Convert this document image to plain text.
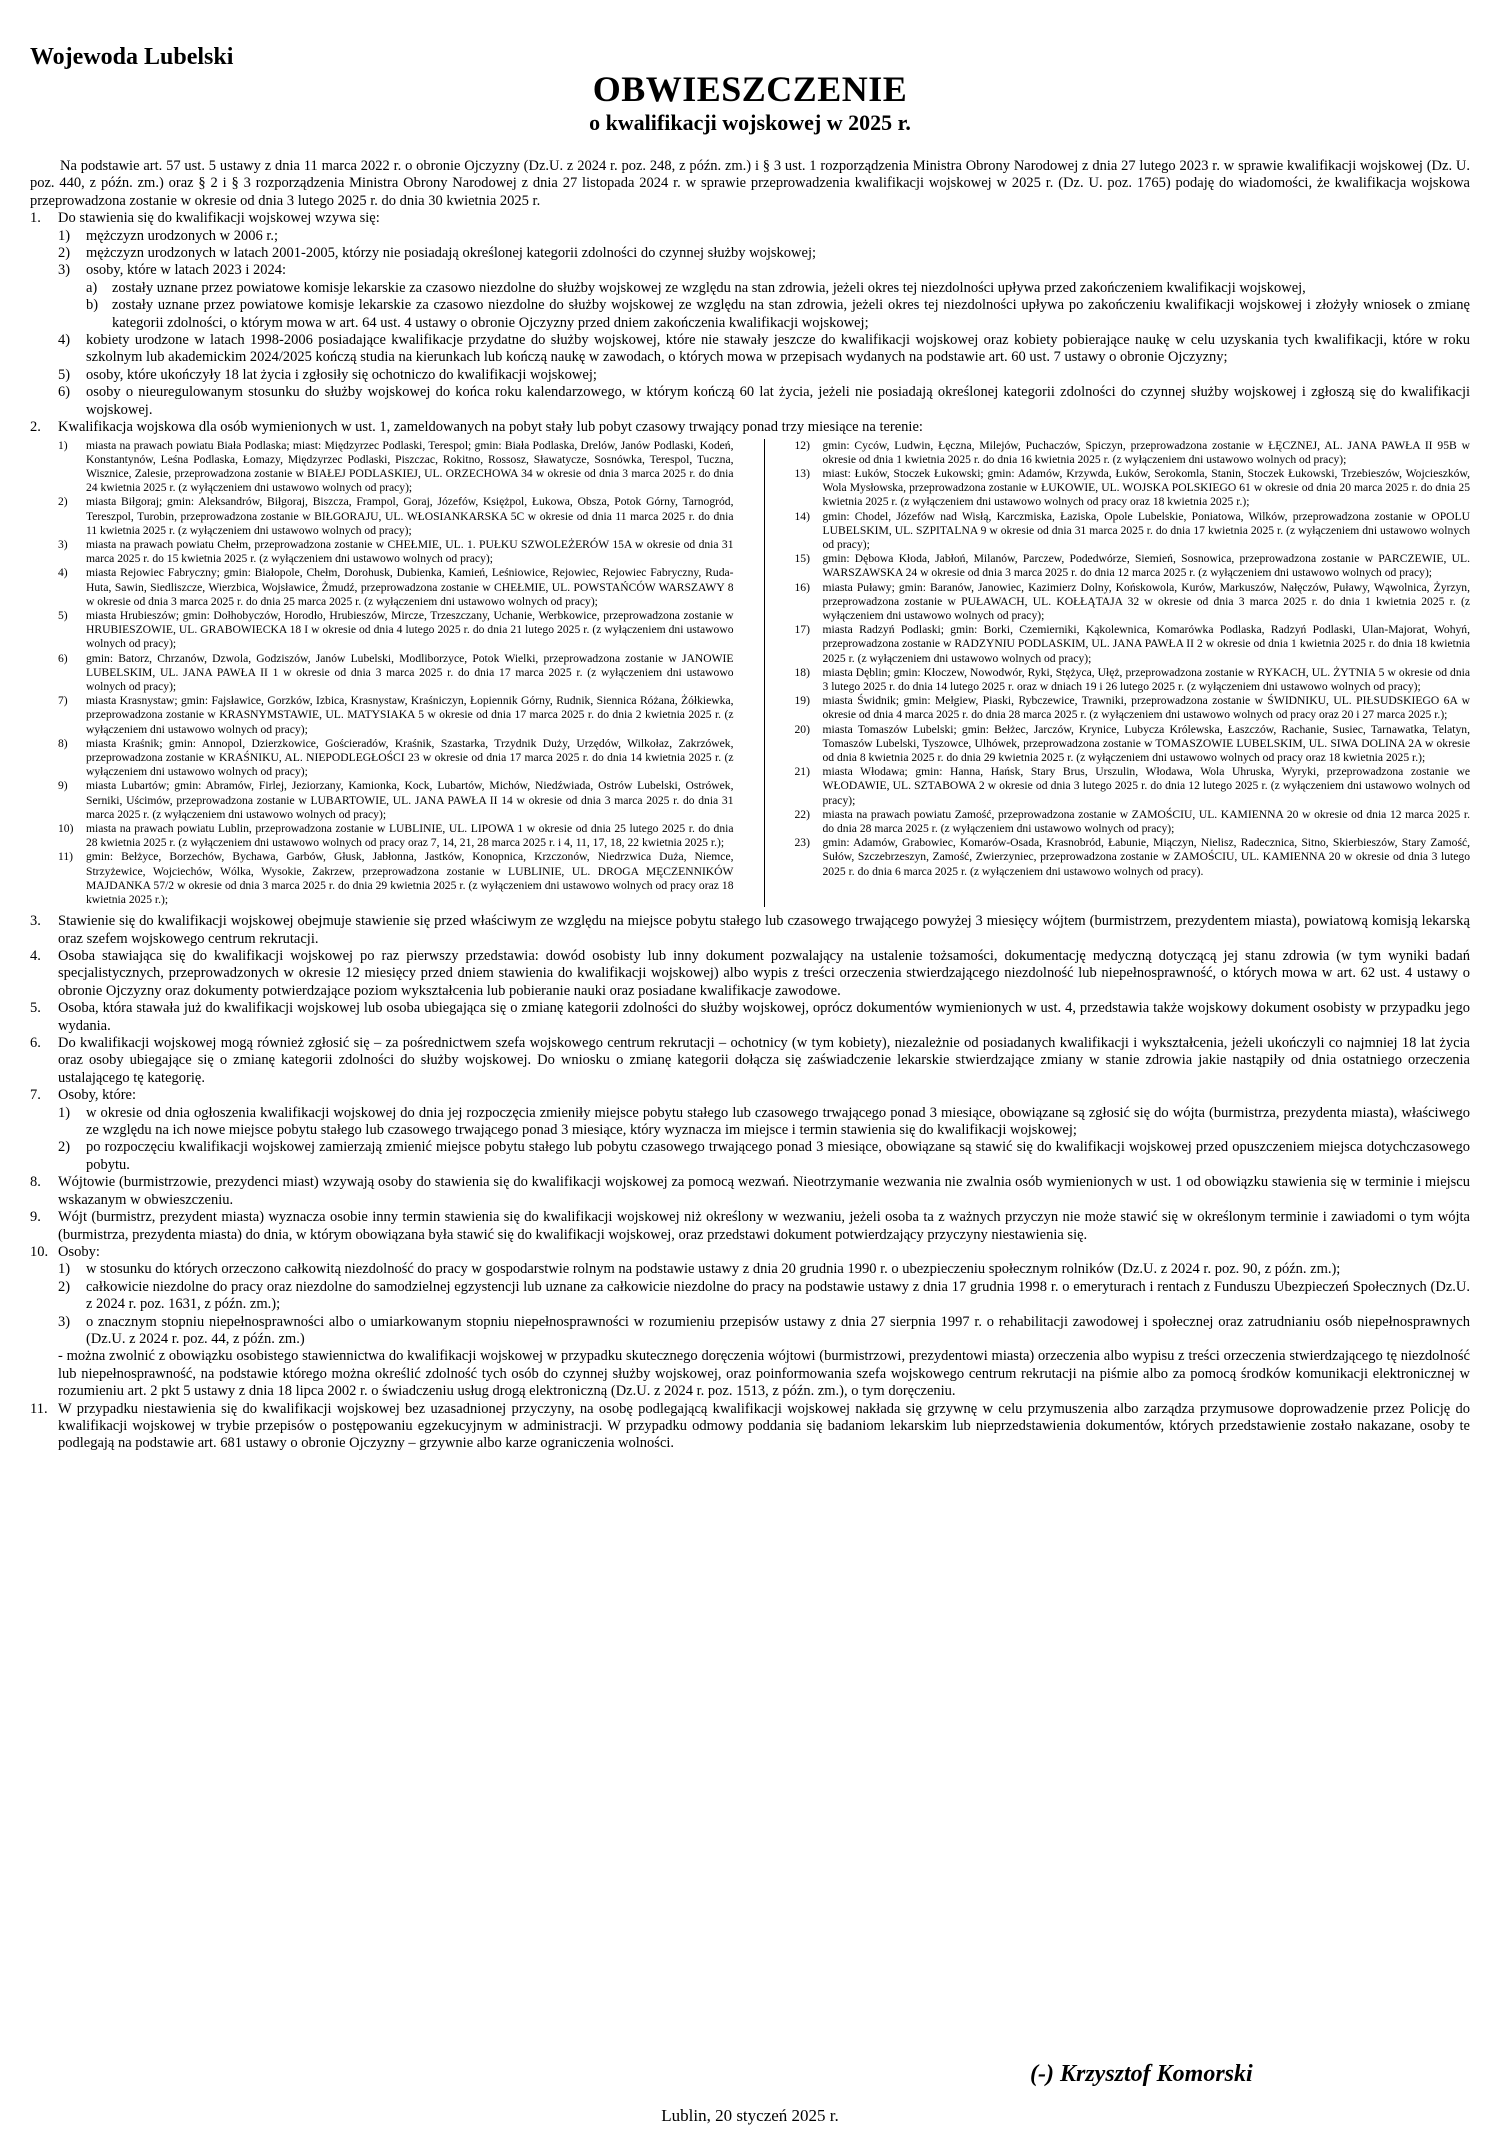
Wojewoda Lubelski
OBWIESZCZENIE
o kwalifikacji wojskowej w 2025 r.

Na podstawie art. 57 ust. 5 ustawy z dnia 11 marca 2022 r. o obronie Ojczyzny (Dz.U. z 2024 r. poz. 248, z późn. zm.) i § 3 ust. 1 rozporządzenia Ministra Obrony Narodowej z dnia 27 lutego 2023 r. w sprawie kwalifikacji wojskowej (Dz. U. poz. 440, z późn. zm.) oraz § 2 i § 3 rozporządzenia Ministra Obrony Narodowej z dnia 27 listopada 2024 r. w sprawie przeprowadzenia kwalifikacji wojskowej w 2025 r. (Dz. U. poz. 1765) podaję do wiadomości, że kwalifikacja wojskowa przeprowadzona zostanie w okresie od dnia 3 lutego 2025 r. do dnia 30 kwietnia 2025 r.

1.	Do stawienia się do kwalifikacji wojskowej wzywa się:
1)	mężczyzn urodzonych w 2006 r.;
2)	mężczyzn urodzonych w latach 2001-2005, którzy nie posiadają określonej kategorii zdolności do czynnej służby wojskowej;
3)	osoby, które w latach 2023 i 2024:
a)	zostały uznane przez powiatowe komisje lekarskie za czasowo niezdolne do służby wojskowej ze względu na stan zdrowia, jeżeli okres tej niezdolności upływa przed zakończeniem kwalifikacji wojskowej,
b) zostały uznane przez powiatowe komisje lekarskie za czasowo niezdolne do służby wojskowej ze względu na stan zdrowia, jeżeli okres tej niezdolności upływa po zakończeniu kwalifikacji wojskowej i złożyły wniosek o zmianę kategorii zdolności, o którym mowa w art. 64 ust. 4 ustawy o obronie Ojczyzny przed dniem zakończenia kwalifikacji wojskowej;
4)	kobiety urodzone w latach 1998-2006 posiadające kwalifikacje przydatne do służby wojskowej, które nie stawały jeszcze do kwalifikacji wojskowej oraz kobiety pobierające naukę w celu uzyskania tych kwalifikacji, które w roku szkolnym lub akademickim 2024/2025 kończą studia na kierunkach lub kończą naukę w zawodach, o których mowa w przepisach wydanych na podstawie art. 60 ust. 7 ustawy o obronie Ojczyzny;
5)	osoby, które ukończyły 18 lat życia i zgłosiły się ochotniczo do kwalifikacji wojskowej;
6)	osoby o nieuregulowanym stosunku do służby wojskowej do końca roku kalendarzowego, w którym kończą 60 lat życia, jeżeli nie posiadają określonej kategorii zdolności do czynnej służby wojskowej i zgłoszą się do kwalifikacji wojskowej.
2.	Kwalifikacja wojskowa dla osób wymienionych w ust. 1, zameldowanych na pobyt stały lub pobyt czasowy trwający ponad trzy miesiące na terenie:
1)	miasta na prawach powiatu Biała Podlaska; miast: Międzyrzec Podlaski, Terespol; gmin: Biała Podlaska, Drelów, Janów Podlaski, Kodeń, Konstantynów, Leśna Podlaska, Łomazy, Międzyrzec Podlaski, Piszczac, Rokitno, Rossosz, Sławatycze, Sosnówka, Terespol, Tuczna, Wisznice, Zalesie, przeprowadzona zostanie w BIAŁEJ PODLASKIEJ, UL. ORZECHOWA 34 w okresie od dnia 3 marca 2025 r. do dnia 24 kwietnia 2025 r. (z wyłączeniem dni ustawowo wolnych od pracy);
2)	miasta Biłgoraj; gmin: Aleksandrów, Biłgoraj, Biszcza, Frampol, Goraj, Józefów, Księżpol, Łukowa, Obsza, Potok Górny, Tarnogród, Tereszpol, Turobin, przeprowadzona zostanie w BIŁGORAJU, UL. WŁOSIANKARSKA 5C w okresie od dnia 11 marca 2025 r. do dnia 11 kwietnia 2025 r. (z wyłączeniem dni ustawowo wolnych od pracy);
3)	miasta na prawach powiatu Chełm, przeprowadzona zostanie w CHEŁMIE, UL. 1. PUŁKU SZWOLEŻERÓW 15A w okresie od dnia 31 marca 2025 r. do 15 kwietnia 2025 r. (z wyłączeniem dni ustawowo wolnych od pracy);
4)	miasta Rejowiec Fabryczny; gmin: Białopole, Chełm, Dorohusk, Dubienka, Kamień, Leśniowice, Rejowiec, Rejowiec Fabryczny, Ruda-Huta, Sawin, Siedliszcze, Wierzbica, Wojsławice, Żmudź, przeprowadzona zostanie w CHEŁMIE, UL. POWSTAŃCÓW WARSZAWY 8 w okresie od dnia 3 marca 2025 r. do dnia 25 marca 2025 r. (z wyłączeniem dni ustawowo wolnych od pracy);
5)	miasta Hrubieszów; gmin: Dołhobyczów, Horodło, Hrubieszów, Mircze, Trzeszczany, Uchanie, Werbkowice, przeprowadzona zostanie w HRUBIESZOWIE, UL. GRABOWIECKA 18 I w okresie od dnia 4 lutego 2025 r. do dnia 21 lutego 2025 r. (z wyłączeniem dni ustawowo wolnych od pracy);
6)	gmin: Batorz, Chrzanów, Dzwola, Godziszów, Janów Lubelski, Modliborzyce, Potok Wielki, przeprowadzona zostanie w JANOWIE LUBELSKIM, UL. JANA PAWŁA II 1 w okresie od dnia 3 marca 2025 r. do dnia 17 marca 2025 r. (z wyłączeniem dni ustawowo wolnych od pracy);
7)	miasta Krasnystaw; gmin: Fajsławice, Gorzków, Izbica, Krasnystaw, Kraśniczyn, Łopiennik Górny, Rudnik, Siennica Różana, Żółkiewka, przeprowadzona zostanie w KRASNYMSTAWIE, UL. MATYSIAKA 5 w okresie od dnia 17 marca 2025 r. do dnia 2 kwietnia 2025 r. (z wyłączeniem dni ustawowo wolnych od pracy);
8)	miasta Kraśnik; gmin: Annopol, Dzierzkowice, Gościeradów, Kraśnik, Szastarka, Trzydnik Duży, Urzędów, Wilkołaz, Zakrzówek, przeprowadzona zostanie w KRAŚNIKU, AL. NIEPODLEGŁOŚCI 23 w okresie od dnia 17 marca 2025 r. do dnia 14 kwietnia 2025 r. (z wyłączeniem dni ustawowo wolnych od pracy);
9)	miasta Lubartów; gmin: Abramów, Firlej, Jeziorzany, Kamionka, Kock, Lubartów, Michów, Niedźwiada, Ostrów Lubelski, Ostrówek, Serniki, Uścimów, przeprowadzona zostanie w LUBARTOWIE, UL. JANA PAWŁA II 14 w okresie od dnia 3 marca 2025 r. do dnia 31 marca 2025 r. (z wyłączeniem dni ustawowo wolnych od pracy);
10)	miasta na prawach powiatu Lublin, przeprowadzona zostanie w LUBLINIE, UL. LIPOWA 1 w okresie od dnia 25 lutego 2025 r. do dnia 28 kwietnia 2025 r. (z wyłączeniem dni ustawowo wolnych od pracy oraz 7, 14, 21, 28 marca 2025 r. i 4, 11, 17, 18, 22 kwietnia 2025 r.);
11)	gmin: Bełżyce, Borzechów, Bychawa, Garbów, Głusk, Jabłonna, Jastków, Konopnica, Krzczonów, Niedrzwica Duża, Niemce, Strzyżewice, Wojciechów, Wólka, Wysokie, Zakrzew, przeprowadzona zostanie w LUBLINIE, UL. DROGA MĘCZENNIKÓW MAJDANKA 57/2 w okresie od dnia 3 marca 2025 r. do dnia 29 kwietnia 2025 r. (z wyłączeniem dni ustawowo wolnych od pracy oraz 18 kwietnia 2025 r.);
12)	gmin: Cyców, Ludwin, Łęczna, Milejów, Puchaczów, Spiczyn, przeprowadzona zostanie w ŁĘCZNEJ, AL. JANA PAWŁA II 95B w okresie od dnia 1 kwietnia 2025 r. do dnia 16 kwietnia 2025 r. (z wyłączeniem dni ustawowo wolnych od pracy);
13)	miast: Łuków, Stoczek Łukowski; gmin: Adamów, Krzywda, Łuków, Serokomla, Stanin, Stoczek Łukowski, Trzebieszów, Wojcieszków, Wola Mysłowska, przeprowadzona zostanie w ŁUKOWIE, UL. WOJSKA POLSKIEGO 61 w okresie od dnia 20 marca 2025 r. do dnia 25 kwietnia 2025 r. (z wyłączeniem dni ustawowo wolnych od pracy oraz 18 kwietnia 2025 r.);
14)	gmin: Chodel, Józefów nad Wisłą, Karczmiska, Łaziska, Opole Lubelskie, Poniatowa, Wilków, przeprowadzona zostanie w OPOLU LUBELSKIM, UL. SZPITALNA 9 w okresie od dnia 31 marca 2025 r. do dnia 17 kwietnia 2025 r. (z wyłączeniem dni ustawowo wolnych od pracy);
15)	gmin: Dębowa Kłoda, Jabłoń, Milanów, Parczew, Podedwórze, Siemień, Sosnowica, przeprowadzona zostanie w PARCZEWIE, UL. WARSZAWSKA 24 w okresie od dnia 3 marca 2025 r. do dnia 12 marca 2025 r. (z wyłączeniem dni ustawowo wolnych od pracy);
16)	miasta Puławy; gmin: Baranów, Janowiec, Kazimierz Dolny, Końskowola, Kurów, Markuszów, Nałęczów, Puławy, Wąwolnica, Żyrzyn, przeprowadzona zostanie w PUŁAWACH, UL. KOŁŁĄTAJA 32 w okresie od dnia 3 marca 2025 r. do dnia 1 kwietnia 2025 r. (z wyłączeniem dni ustawowo wolnych od pracy);
17)	miasta Radzyń Podlaski; gmin: Borki, Czemierniki, Kąkolewnica, Komarówka Podlaska, Radzyń Podlaski, Ulan-Majorat, Wohyń, przeprowadzona zostanie w RADZYNIU PODLASKIM, UL. JANA PAWŁA II 2 w okresie od dnia 1 kwietnia 2025 r. do dnia 18 kwietnia 2025 r. (z wyłączeniem dni ustawowo wolnych od pracy);
18)	miasta Dęblin; gmin: Kłoczew, Nowodwór, Ryki, Stężyca, Ułęż, przeprowadzona zostanie w RYKACH, UL. ŻYTNIA 5 w okresie od dnia 3 lutego 2025 r. do dnia 14 lutego 2025 r. oraz w dniach 19 i 26 lutego 2025 r. (z wyłączeniem dni ustawowo wolnych od pracy);
19)	miasta Świdnik; gmin: Mełgiew, Piaski, Rybczewice, Trawniki, przeprowadzona zostanie w ŚWIDNIKU, UL. PIŁSUDSKIEGO 6A w okresie od dnia 4 marca 2025 r. do dnia 28 marca 2025 r. (z wyłączeniem dni ustawowo wolnych od pracy oraz 20 i 27 marca 2025 r.);
20)	miasta Tomaszów Lubelski; gmin: Bełżec, Jarczów, Krynice, Lubycza Królewska, Łaszczów, Rachanie, Susiec, Tarnawatka, Telatyn, Tomaszów Lubelski, Tyszowce, Ulhówek, przeprowadzona zostanie w TOMASZOWIE LUBELSKIM, UL. SIWA DOLINA 2A w okresie od dnia 8 kwietnia 2025 r. do dnia 29 kwietnia 2025 r. (z wyłączeniem dni ustawowo wolnych od pracy oraz 18 kwietnia 2025 r.);
21)	miasta Włodawa; gmin: Hanna, Hańsk, Stary Brus, Urszulin, Włodawa, Wola Uhruska, Wyryki, przeprowadzona zostanie we WŁODAWIE, UL. SZTABOWA 2 w okresie od dnia 3 lutego 2025 r. do dnia 12 lutego 2025 r. (z wyłączeniem dni ustawowo wolnych od pracy);
22)	miasta na prawach powiatu Zamość, przeprowadzona zostanie w ZAMOŚCIU, UL. KAMIENNA 20 w okresie od dnia 12 marca 2025 r. do dnia 28 marca 2025 r. (z wyłączeniem dni ustawowo wolnych od pracy);
23)	gmin: Adamów, Grabowiec, Komarów-Osada, Krasnobród, Łabunie, Miączyn, Nielisz, Radecznica, Sitno, Skierbieszów, Stary Zamość, Sułów, Szczebrzeszyn, Zamość, Zwierzyniec, przeprowadzona zostanie w ZAMOŚCIU, UL. KAMIENNA 20 w okresie od dnia 3 lutego 2025 r. do dnia 6 marca 2025 r. (z wyłączeniem dni ustawowo wolnych od pracy).
3.	Stawienie się do kwalifikacji wojskowej obejmuje stawienie się przed właściwym ze względu na miejsce pobytu stałego lub czasowego trwającego powyżej 3 miesięcy wójtem (burmistrzem, prezydentem miasta), powiatową komisją lekarską oraz szefem wojskowego centrum rekrutacji.
4.	Osoba stawiająca się do kwalifikacji wojskowej po raz pierwszy przedstawia: dowód osobisty lub inny dokument pozwalający na ustalenie tożsamości, dokumentację medyczną dotyczącą jej stanu zdrowia (w tym wyniki badań specjalistycznych, przeprowadzonych w okresie 12 miesięcy przed dniem stawienia do kwalifikacji wojskowej) albo wypis z treści orzeczenia stwierdzającego niezdolność lub niepełnosprawność, o których mowa w art. 62 ust. 4 ustawy o obronie Ojczyzny oraz dokumenty potwierdzające poziom wykształcenia lub pobieranie nauki oraz posiadane kwalifikacje zawodowe.
5.	Osoba, która stawała już do kwalifikacji wojskowej lub osoba ubiegająca się o zmianę kategorii zdolności do służby wojskowej, oprócz dokumentów wymienionych w ust. 4, przedstawia także wojskowy dokument osobisty w przypadku jego wydania.
6.	Do kwalifikacji wojskowej mogą również zgłosić się – za pośrednictwem szefa wojskowego centrum rekrutacji – ochotnicy (w tym kobiety), niezależnie od posiadanych kwalifikacji i wykształcenia, jeżeli ukończyli co najmniej 18 lat życia oraz osoby ubiegające się o zmianę kategorii zdolności do służby wojskowej. Do wniosku o zmianę kategorii dołącza się zaświadczenie lekarskie stwierdzające zmiany w stanie zdrowia jakie nastąpiły od dnia ostatniego orzeczenia ustalającego tę kategorię.
7.	Osoby, które:
1)	w okresie od dnia ogłoszenia kwalifikacji wojskowej do dnia jej rozpoczęcia zmieniły miejsce pobytu stałego lub czasowego trwającego ponad 3 miesiące, obowiązane są zgłosić się do wójta (burmistrza, prezydenta miasta), właściwego ze względu na ich nowe miejsce pobytu stałego lub czasowego trwającego ponad 3 miesiące, który wyznacza im miejsce i termin stawienia się do kwalifikacji wojskowej;
2)	po rozpoczęciu kwalifikacji wojskowej zamierzają zmienić miejsce pobytu stałego lub pobytu czasowego trwającego ponad 3 miesiące, obowiązane są stawić się do kwalifikacji wojskowej przed opuszczeniem miejsca dotychczasowego pobytu.
8.	Wójtowie (burmistrzowie, prezydenci miast) wzywają osoby do stawienia się do kwalifikacji wojskowej za pomocą wezwań. Nieotrzymanie wezwania nie zwalnia osób wymienionych w ust. 1 od obowiązku stawienia się w terminie i miejscu wskazanym w obwieszczeniu.
9.	Wójt (burmistrz, prezydent miasta) wyznacza osobie inny termin stawienia się do kwalifikacji wojskowej niż określony w wezwaniu, jeżeli osoba ta z ważnych przyczyn nie może stawić się w określonym terminie i zawiadomi o tym wójta (burmistrza, prezydenta miasta) do dnia, w którym obowiązana była stawić się do kwalifikacji wojskowej, oraz przedstawi dokument potwierdzający przyczyny niestawienia się.
10. Osoby:
1)	w stosunku do których orzeczono całkowitą niezdolność do pracy w gospodarstwie rolnym na podstawie ustawy z dnia 20 grudnia 1990 r. o ubezpieczeniu społecznym rolników (Dz.U. z 2024 r. poz. 90, z późn. zm.);
2)	całkowicie niezdolne do pracy oraz niezdolne do samodzielnej egzystencji lub uznane za całkowicie niezdolne do pracy na podstawie ustawy z dnia 17 grudnia 1998 r. o emeryturach i rentach z Funduszu Ubezpieczeń Społecznych (Dz.U. z 2024 r. poz. 1631, z późn. zm.);
3)	o znacznym stopniu niepełnosprawności albo o umiarkowanym stopniu niepełnosprawności w rozumieniu przepisów ustawy z dnia 27 sierpnia 1997 r. o rehabilitacji zawodowej i społecznej oraz zatrudnianiu osób niepełnosprawnych (Dz.U. z 2024 r. poz. 44, z późn. zm.)
- można zwolnić z obowiązku osobistego stawiennictwa do kwalifikacji wojskowej w przypadku skutecznego doręczenia wójtowi (burmistrzowi, prezydentowi miasta) orzeczenia albo wypisu z treści orzeczenia stwierdzającego tę niezdolność lub niepełnosprawność, na podstawie którego można określić zdolność tych osób do czynnej służby wojskowej, oraz poinformowania szefa wojskowego centrum rekrutacji na piśmie albo za pomocą środków komunikacji elektronicznej w rozumieniu art. 2 pkt 5 ustawy z dnia 18 lipca 2002 r. o świadczeniu usług drogą elektroniczną (Dz.U. z 2024 r. poz. 1513, z późn. zm.), o tym doręczeniu.
11. W przypadku niestawienia się do kwalifikacji wojskowej bez uzasadnionej przyczyny, na osobę podlegającą kwalifikacji wojskowej nakłada się grzywnę w celu przymuszenia albo zarządza przymusowe doprowadzenie przez Policję do kwalifikacji wojskowej w trybie przepisów o postępowaniu egzekucyjnym w administracji. W przypadku odmowy poddania się badaniom lekarskim lub nieprzedstawienia dokumentów, których przedstawienie zostało nakazane, osoby te podlegają na podstawie art. 681 ustawy o obronie Ojczyzny – grzywnie albo karze ograniczenia wolności.
(-) Krzysztof Komorski
Lublin, 20 styczeń 2025 r.
